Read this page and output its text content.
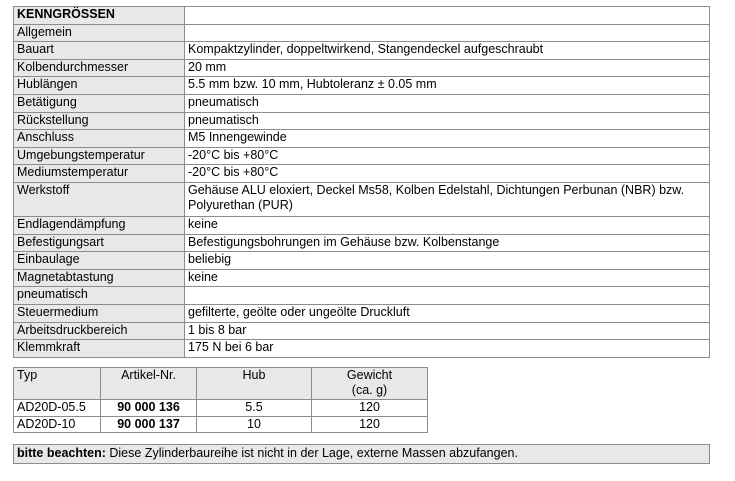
KENNGRÖSSEN	
Allgemein	
Bauart	Kompaktzylinder, doppeltwirkend, Stangendeckel aufgeschraubt
Kolbendurchmesser	20 mm
Hublängen	5.5 mm bzw. 10 mm, Hubtoleranz ± 0.05 mm
Betätigung	pneumatisch
Rückstellung	pneumatisch
Anschluss	M5 Innengewinde
Umgebungstemperatur	-20°C bis +80°C
Mediumstemperatur	-20°C bis +80°C
Werkstoff	Gehäuse ALU eloxiert, Deckel Ms58, Kolben Edelstahl, Dichtungen Perbunan (NBR) bzw. Polyurethan (PUR)
Endlagendämpfung	keine
Befestigungsart	Befestigungsbohrungen im Gehäuse bzw. Kolbenstange
Einbaulage	beliebig
Magnetabtastung	keine
pneumatisch	
Steuermedium	gefilterte, geölte oder ungeölte Druckluft
Arbeitsdruckbereich	1 bis 8 bar
Klemmkraft	175 N bei 6 bar
Typ	Artikel-Nr.	Hub	Gewicht
(ca. g)
AD20D-05.5	90 000 136	5.5	120
AD20D-10	90 000 137	10	120
bitte beachten: Diese Zylinderbaureihe ist nicht in der Lage, externe Massen abzufangen.
